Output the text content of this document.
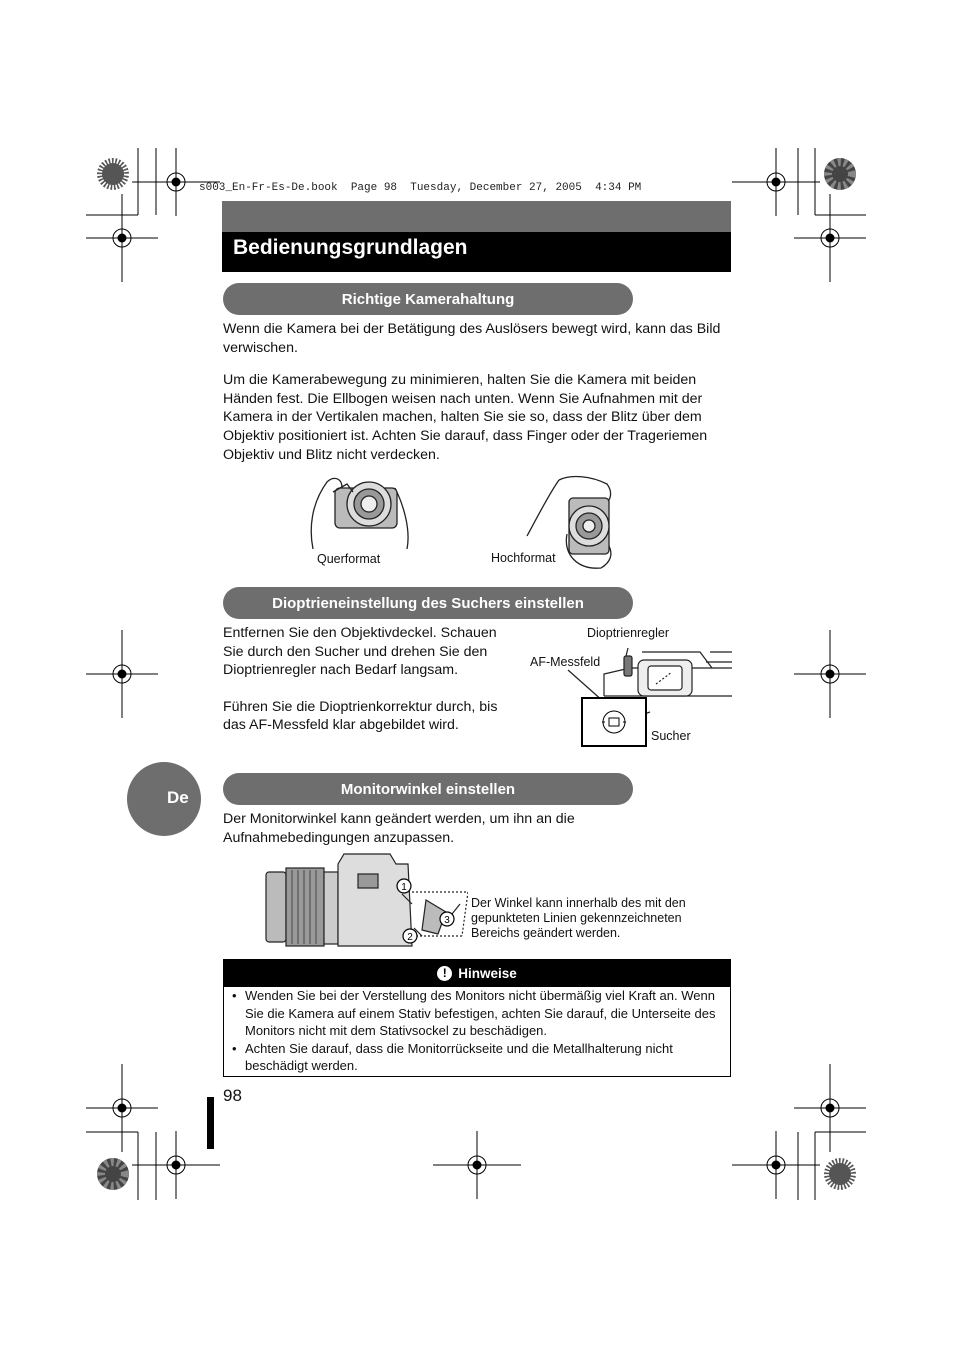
s003_En-Fr-Es-De.book  Page 98  Tuesday, December 27, 2005  4:34 PM
Bedienungsgrundlagen
Richtige Kamerahaltung

Wenn die Kamera bei der Betätigung des Auslösers bewegt wird, kann das Bild verwischen.

Um die Kamerabewegung zu minimieren, halten Sie die Kamera mit beiden Händen fest. Die Ellbogen weisen nach unten. Wenn Sie Aufnahmen mit der Kamera in der Vertikalen machen, halten Sie sie so, dass der Blitz über dem Objektiv positioniert ist. Achten Sie darauf, dass Finger oder der Trageriemen Objektiv und Blitz nicht verdecken.

Querformat	Hochformat
Dioptrieneinstellung des Suchers einstellen

Entfernen Sie den Objektivdeckel. Schauen Sie durch den Sucher und drehen Sie den Dioptrienregler nach Bedarf langsam.

Führen Sie die Dioptrienkorrektur durch, bis das AF-Messfeld klar abgebildet wird.

Dioptrienregler
AF-Messfeld
Sucher
De	Monitorwinkel einstellen

Der Monitorwinkel kann geändert werden, um ihn an die Aufnahmebedingungen anzupassen.

1
2
3
Der Winkel kann innerhalb des mit den gepunkteten Linien gekennzeichneten Bereichs geändert werden.
! Hinweise
• Wenden Sie bei der Verstellung des Monitors nicht übermäßig viel Kraft an. Wenn Sie die Kamera auf einem Stativ befestigen, achten Sie darauf, die Unterseite des Monitors nicht mit dem Stativsockel zu beschädigen.
• Achten Sie darauf, dass die Monitorrückseite und die Metallhalterung nicht beschädigt werden.
98
